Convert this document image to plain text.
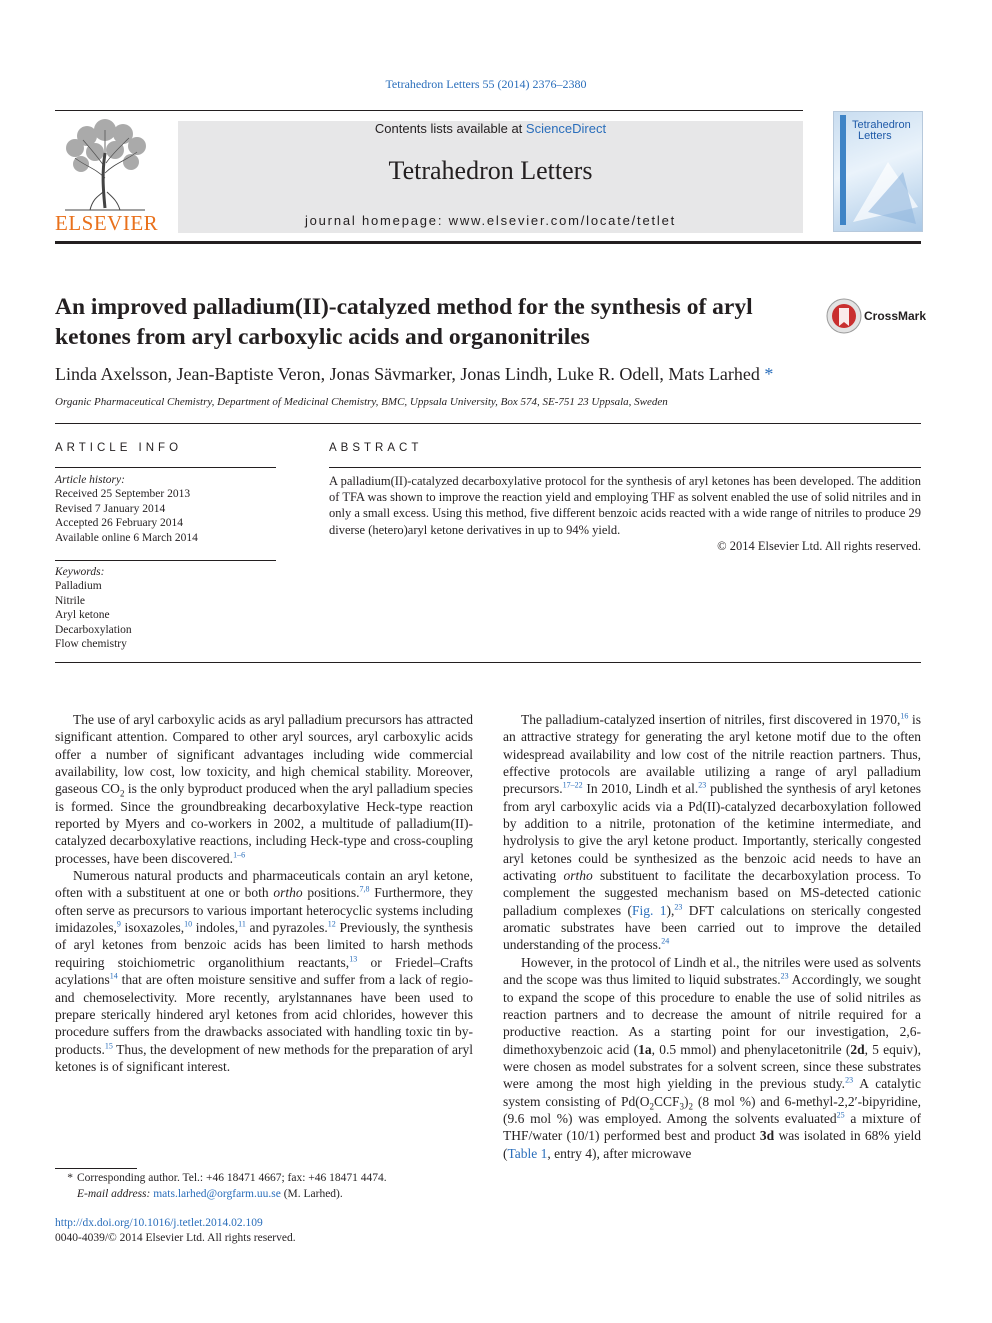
Tetrahedron Letters 55 (2014) 2376–2380
ELSEVIER
Contents lists available at ScienceDirect
Tetrahedron Letters
journal homepage: www.elsevier.com/locate/tetlet
Tetrahedron
Letters
An improved palladium(II)-catalyzed method for the synthesis of aryl ketones from aryl carboxylic acids and organonitriles
CrossMark
Linda Axelsson, Jean-Baptiste Veron, Jonas Sävmarker, Jonas Lindh, Luke R. Odell, Mats Larhed *
Organic Pharmaceutical Chemistry, Department of Medicinal Chemistry, BMC, Uppsala University, Box 574, SE-751 23 Uppsala, Sweden
ARTICLE INFO	ABSTRACT
Article history:
Received 25 September 2013
Revised 7 January 2014
Accepted 26 February 2014
Available online 6 March 2014
Keywords:
Palladium
Nitrile
Aryl ketone
Decarboxylation
Flow chemistry
A palladium(II)-catalyzed decarboxylative protocol for the synthesis of aryl ketones has been developed. The addition of TFA was shown to improve the reaction yield and employing THF as solvent enabled the use of solid nitriles and in only a small excess. Using this method, five different benzoic acids reacted with a wide range of nitriles to produce 29 diverse (hetero)aryl ketone derivatives in up to 94% yield.
© 2014 Elsevier Ltd. All rights reserved.

The use of aryl carboxylic acids as aryl palladium precursors has attracted significant attention. Compared to other aryl sources, aryl carboxylic acids offer a number of significant advantages including wide commercial availability, low cost, low toxicity, and high chemical stability. Moreover, gaseous $CO_2$ is the only byproduct produced when the aryl palladium species is formed. Since the groundbreaking decarboxylative Heck-type reaction reported by Myers and co-workers in 2002, a multitude of palladium(II)-catalyzed decarboxylative reactions, including Heck-type and cross-coupling processes, have been discovered.$^{1-6}$

Numerous natural products and pharmaceuticals contain an aryl ketone, often with a substituent at one or both ortho positions.$^{7,8}$ Furthermore, they often serve as precursors to various important heterocyclic systems including imidazoles,$^9$ isoxazoles,$^{10}$ indoles,$^{11}$ and pyrazoles.$^{12}$ Previously, the synthesis of aryl ketones from benzoic acids has been limited to harsh methods requiring stoichiometric organolithium reactants,$^{13}$ or Friedel–Crafts acylations$^{14}$ that are often moisture sensitive and suffer from a lack of regio- and chemoselectivity. More recently, arylstannanes have been used to prepare sterically hindered aryl ketones from acid chlorides, however this procedure suffers from the drawbacks associated with handling toxic tin by-products.$^{15}$ Thus, the development of new methods for the preparation of aryl ketones is of significant interest.

The palladium-catalyzed insertion of nitriles, first discovered in 1970,16 is an attractive strategy for generating the aryl ketone motif due to the often widespread availability and low cost of the nitrile reaction partners. Thus, effective protocols are available utilizing a range of aryl palladium precursors.$^{17-22}$ In 2010, Lindh et al.$^{23}$ published the synthesis of aryl ketones from aryl carboxylic acids via a Pd(II)-catalyzed decarboxylation followed by addition to a nitrile, protonation of the ketimine intermediate, and hydrolysis to give the aryl ketone product. Importantly, sterically congested aryl ketones could be synthesized as the benzoic acid needs to have an activating ortho substituent to facilitate the decarboxylation process. To complement the suggested mechanism based on MS-detected cationic palladium complexes (Fig. 1),$^{23}$ DFT calculations on sterically congested aromatic substrates have been carried out to improve the detailed understanding of the process.$^{24}$

However, in the protocol of Lindh et al., the nitriles were used as solvents and the scope was thus limited to liquid substrates.$^{23}$ Accordingly, we sought to expand the scope of this procedure to enable the use of solid nitriles as reaction partners and to decrease the amount of nitrile required for a productive reaction. As a starting point for our investigation, 2,6-dimethoxybenzoic acid (1a, 0.5 mmol) and phenylacetonitrile (2d, 5 equiv), were chosen as model substrates for a solvent screen, since these substrates were among the most high yielding in the previous study.$^{23}$ A catalytic system consisting of $Pd(O_2CCF_3)_2$ (8 mol %) and 6-methyl-2,2′-bipyridine, (9.6 mol %) was employed. Among the solvents evaluated$^{25}$ a mixture of THF/water (10/1) performed best and product 3d was isolated in 68% yield (Table 1, entry 4), after microwave

* Corresponding author. Tel.: +46 18471 4667; fax: +46 18471 4474.
E-mail address: mats.larhed@orgfarm.uu.se (M. Larhed).
http://dx.doi.org/10.1016/j.tetlet.2014.02.109
0040-4039/© 2014 Elsevier Ltd. All rights reserved.
